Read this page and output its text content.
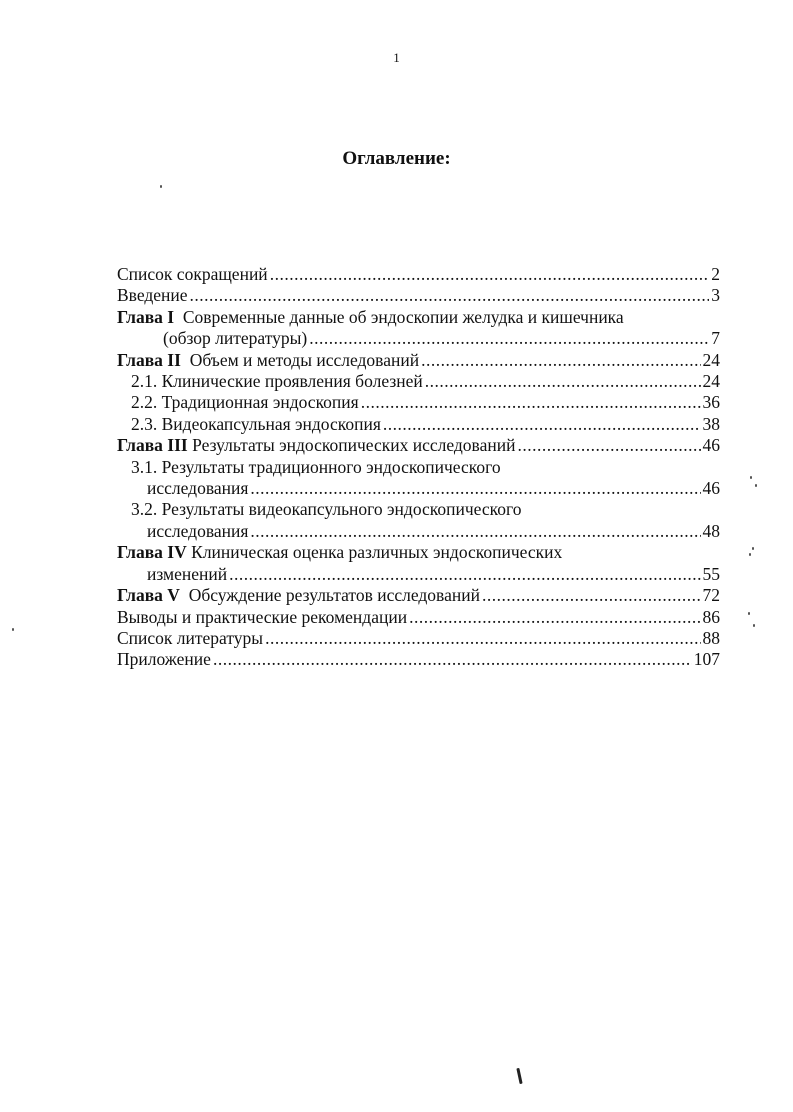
1
Оглавление:
Список сокращений .....	2
Введение .....	3
Глава I Современные данные об эндоскопии желудка и кишечника
(обзор литературы) .....	7
Глава II Объем и методы исследований .....	24
2.1. Клинические проявления болезней .....	24
2.2. Традиционная эндоскопия .....	36
2.3. Видеокапсульная эндоскопия .....	38
Глава III Результаты эндоскопических исследований .....	46
3.1. Результаты традиционного эндоскопического
исследования .....	46
3.2. Результаты видеокапсульного эндоскопического
исследования .....	48
Глава IV Клиническая оценка различных эндоскопических
изменений .....	55
Глава V Обсуждение результатов исследований .....	72
Выводы и практические рекомендации .....	86
Список литературы .....	88
Приложение .....	107
